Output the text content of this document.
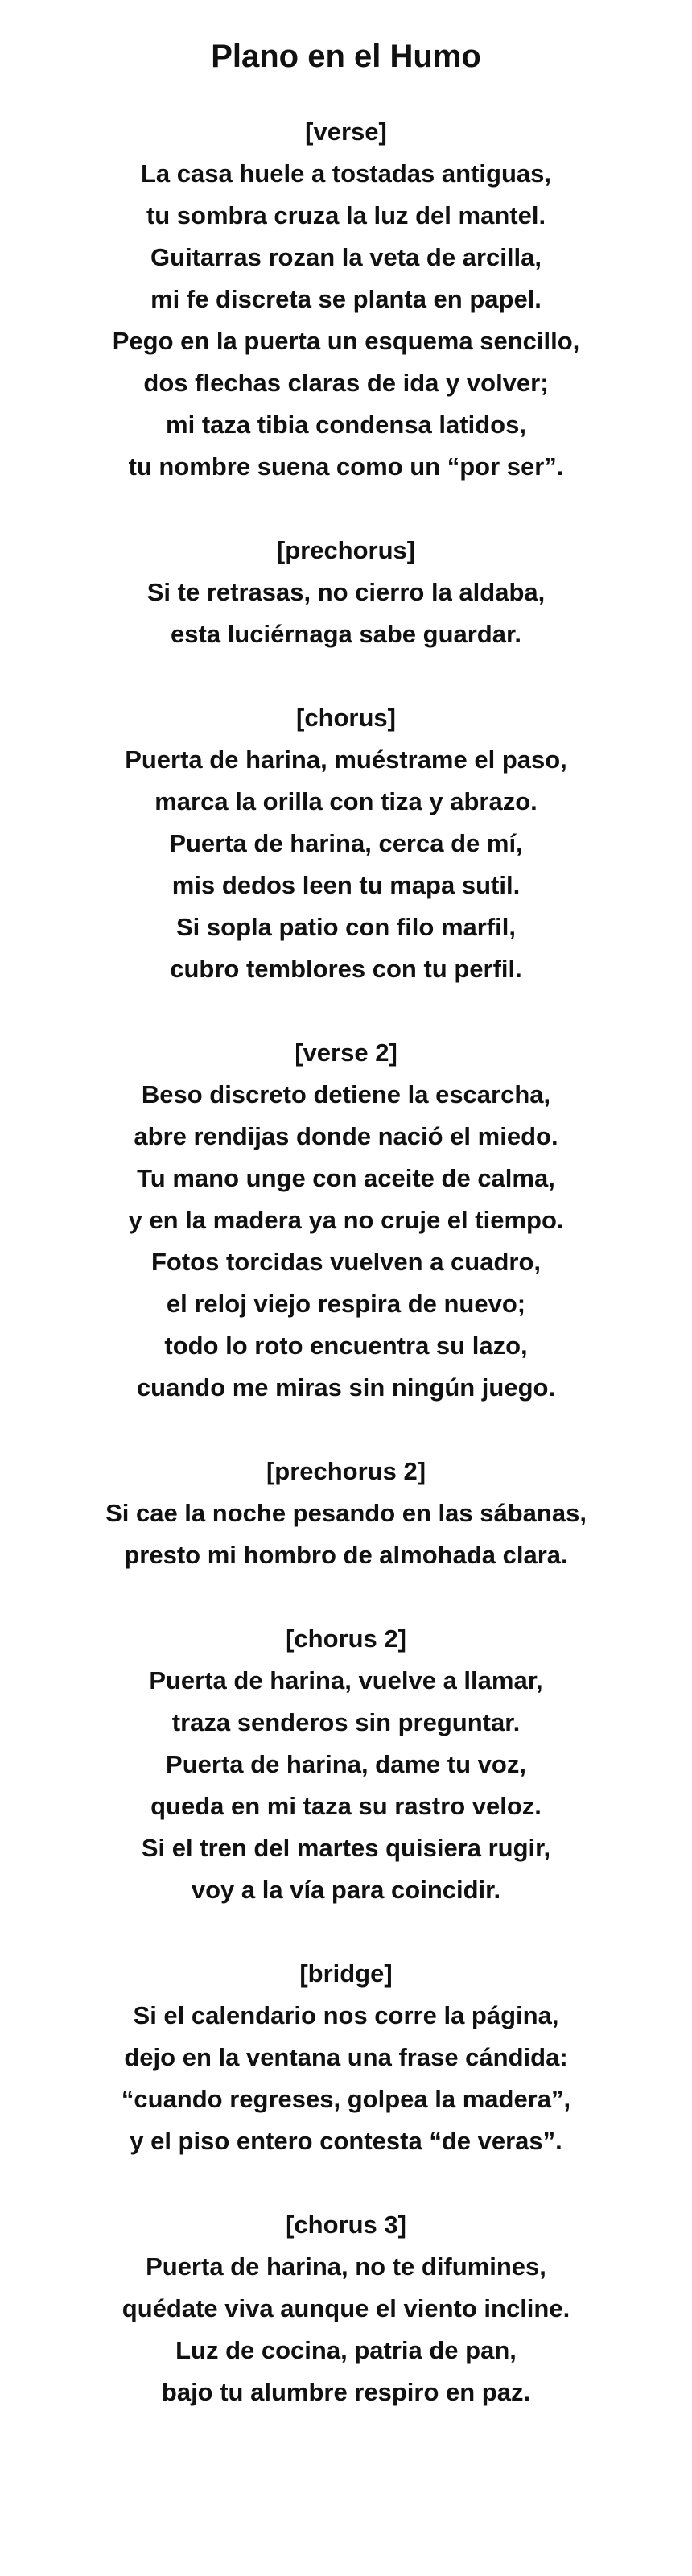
Plano en el Humo

[verse]

La casa huele a tostadas antiguas,

tu sombra cruza la luz del mantel.

Guitarras rozan la veta de arcilla,

mi fe discreta se planta en papel.

Pego en la puerta un esquema sencillo,

dos flechas claras de ida y volver;

mi taza tibia condensa latidos,

tu nombre suena como un “por ser”.

[prechorus]

Si te retrasas, no cierro la aldaba,

esta luciérnaga sabe guardar.

[chorus]

Puerta de harina, muéstrame el paso,

marca la orilla con tiza y abrazo.

Puerta de harina, cerca de mí,

mis dedos leen tu mapa sutil.

Si sopla patio con filo marfil,

cubro temblores con tu perfil.

[verse 2]

Beso discreto detiene la escarcha,

abre rendijas donde nació el miedo.

Tu mano unge con aceite de calma,

y en la madera ya no cruje el tiempo.

Fotos torcidas vuelven a cuadro,

el reloj viejo respira de nuevo;

todo lo roto encuentra su lazo,

cuando me miras sin ningún juego.

[prechorus 2]

Si cae la noche pesando en las sábanas,

presto mi hombro de almohada clara.

[chorus 2]

Puerta de harina, vuelve a llamar,

traza senderos sin preguntar.

Puerta de harina, dame tu voz,

queda en mi taza su rastro veloz.

Si el tren del martes quisiera rugir,

voy a la vía para coincidir.

[bridge]

Si el calendario nos corre la página,

dejo en la ventana una frase cándida:

“cuando regreses, golpea la madera”,

y el piso entero contesta “de veras”.

[chorus 3]

Puerta de harina, no te difumines,

quédate viva aunque el viento incline.

Luz de cocina, patria de pan,

bajo tu alumbre respiro en paz.
